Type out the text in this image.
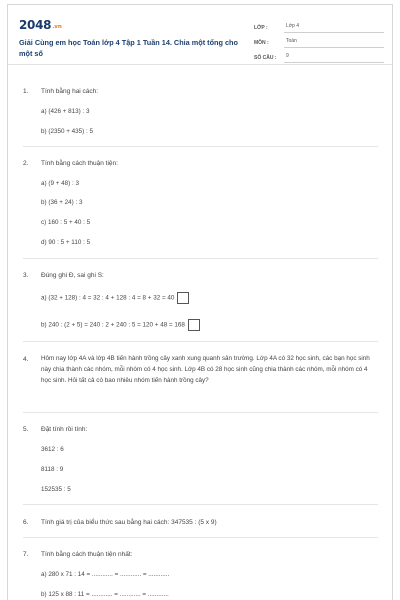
2048.vn
Giải Cùng em học Toán lớp 4 Tập 1 Tuần 14. Chia một tổng cho một số
LỚP :	Lớp 4
MÔN :	Toán
SỐ CÂU :	9
1. Tính bằng hai cách:
a) (426 + 813) : 3
b) (2350 + 435) : 5
2. Tính bằng cách thuận tiện:
a) (9 + 48) : 3
b) (36 + 24) : 3
c) 160 : 5 + 40 : 5
d) 90 : 5 + 110 : 5
3. Đúng ghi Đ, sai ghi S:
a) (32 + 128) : 4 = 32 : 4 + 128 : 4 = 8 + 32 = 40
b) 240 : (2 + 5) = 240 : 2 + 240 : 5 = 120 + 48 = 168
4. Hôm nay lớp 4A và lớp 4B tiến hành trồng cây xanh xung quanh sân trường. Lớp 4A có 32 học sinh, các bạn học sinh này chia thành các nhóm, mỗi nhóm có 4 học sinh. Lớp 4B có 28 học sinh cũng chia thành các nhóm, mỗi nhóm có 4 học sinh. Hỏi tất cả có bao nhiêu nhóm tiến hành trồng cây?
5. Đặt tính rồi tính:
3612 : 6
8118 : 9
152535 : 5
6. Tính giá trị của biểu thức sau bằng hai cách: 347535 : (5 x 9)
7. Tính bằng cách thuận tiện nhất:
a) 280 x 71 : 14 = ............ = ............ = ............
b) 125 x 88 : 11 = ............ = ............ = ............
